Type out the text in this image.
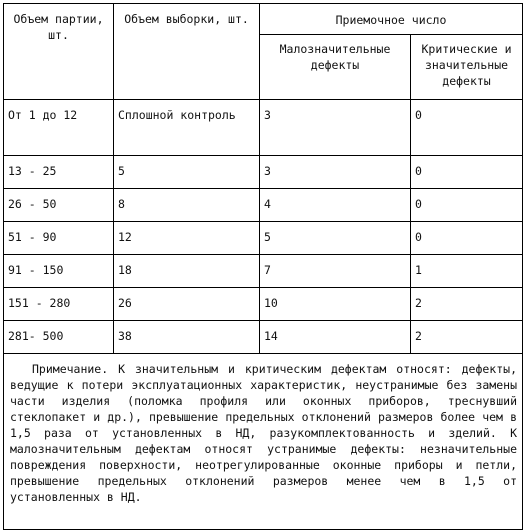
Объем партии, шт.	Объем выборки, шт.	Приемочное число	
		Малозначительные дефекты	Критические и значительные дефекты
От 1 до 12	Сплошной контроль	3	0
13 - 25	5	3	0
26 - 50	8	4	0
51 - 90	12	5	0
91 - 150	18	7	1
151 - 280	26	10	2
281- 500	38	14	2
Примечание. К значительным и критическим дефектам относят: дефекты, ведущие к потери эксплуатационных характеристик, неустранимые без замены части изделия (поломка профиля или оконных приборов, треснувший стеклопакет и др.), превышение предельных отклонений размеров более чем в 1,5 раза от установленных в НД, разукомплектованность и зделий. К малозначительным дефектам относят устранимые дефекты: незначительные повреждения поверхности, неотрегулированные оконные приборы и петли, превышение предельных отклонений размеров менее чем в 1,5 от установленных в НД.			
